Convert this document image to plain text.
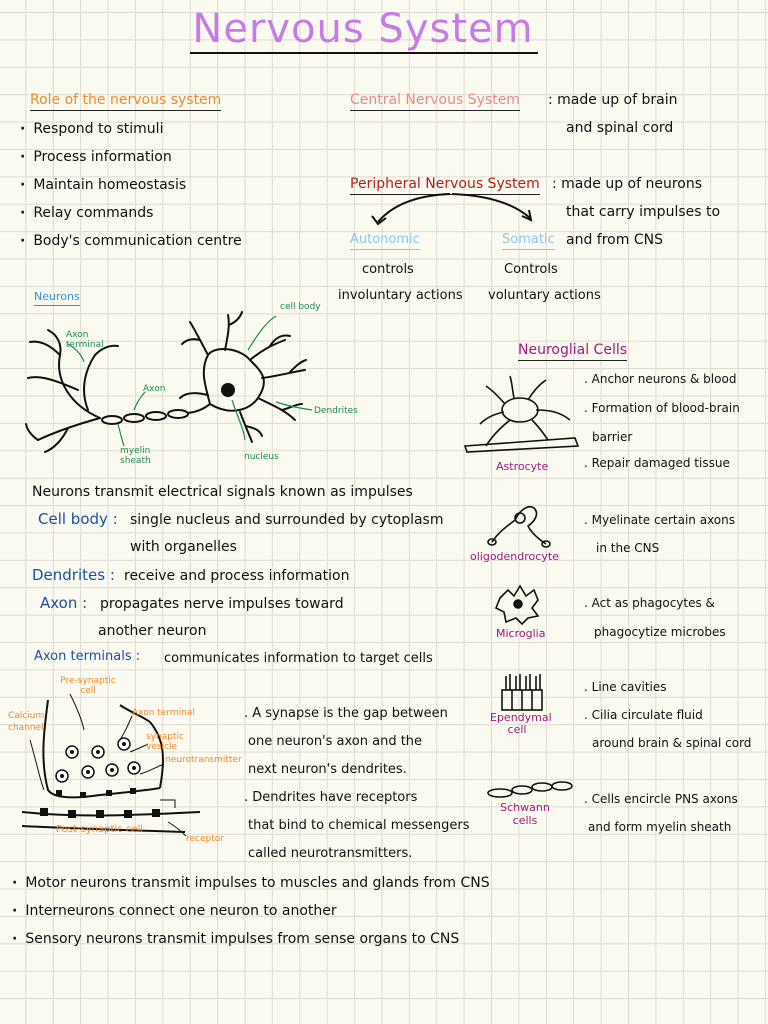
Nervous System
Role of the nervous system
· Respond to stimuli
· Process information
· Maintain homeostasis
· Relay commands
· Body's communication centre
Central Nervous System : made up of brain
and spinal cord
Peripheral Nervous System : made up of neurons
that carry impulses to
and from CNS
Autonomic	Somatic
controls
involuntary actions
Controls
voluntary actions
Neurons
Axon terminal
Axon
myelin sheath	nucleus
cell body
Dendrites
Neurons transmit electrical signals known as impulses
Cell body : single nucleus and surrounded by cytoplasm
with organelles
Dendrites : receive and process information
Axon : propagates nerve impulses toward
another neuron
Axon terminals : communicates information to target cells
Pre-synaptic cell
Calcium channel
Axon terminal
synaptic vesicle
neurotransmitter
Post-synaptic cell
receptor
. A synapse is the gap between
one neuron's axon and the
next neuron's dendrites.
. Dendrites have receptors
that bind to chemical messengers
called neurotransmitters.
Neuroglial Cells
Astrocyte
. Anchor neurons & blood
. Formation of blood-brain
barrier
. Repair damaged tissue
oligodendrocyte
. Myelinate certain axons
in the CNS
Microglia
. Act as phagocytes &
phagocytize microbes
Ependymal cell
. Line cavities
. Cilia circulate fluid
around brain & spinal cord
Schwann cells
. Cells encircle PNS axons
and form myelin sheath
· Motor neurons transmit impulses to muscles and glands from CNS
· Interneurons connect one neuron to another
· Sensory neurons transmit impulses from sense organs to CNS
